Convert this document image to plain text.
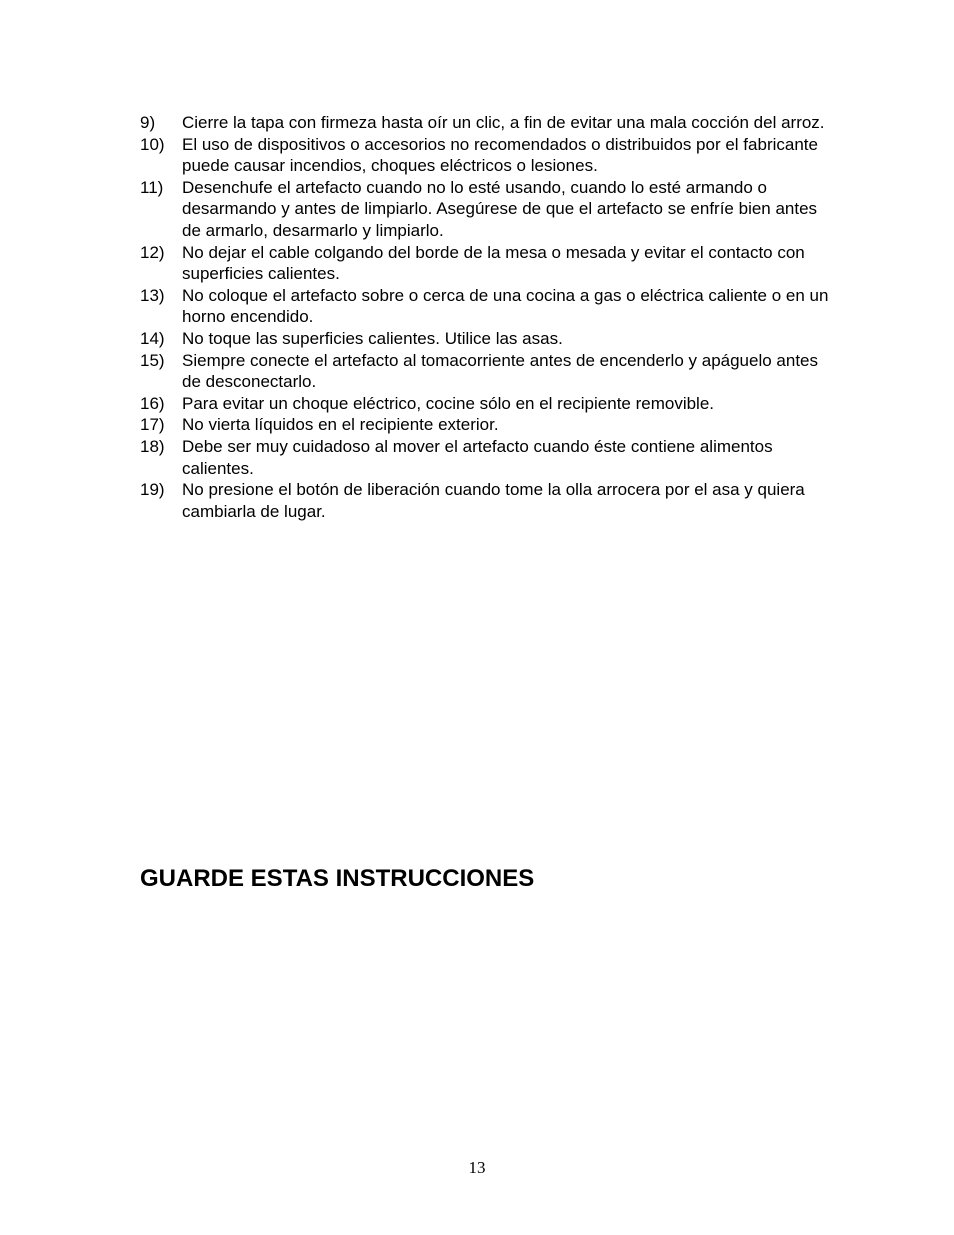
9)	Cierre la tapa con firmeza hasta oír un clic, a fin de evitar una mala cocción del arroz.
10)	El uso de dispositivos o accesorios no recomendados o distribuidos por el fabricante puede causar incendios, choques eléctricos o lesiones.
11)	Desenchufe el artefacto cuando no lo esté usando, cuando lo esté armando o desarmando y antes de limpiarlo. Asegúrese de que el artefacto se enfríe bien antes de armarlo, desarmarlo y limpiarlo.
12)	No dejar el cable colgando del borde de la mesa o mesada y evitar el contacto con superficies calientes.
13)	No coloque el artefacto sobre o cerca de una cocina a gas o eléctrica caliente o en un horno encendido.
14)	No toque las superficies calientes. Utilice las asas.
15)	Siempre conecte el artefacto al tomacorriente antes de encenderlo y apáguelo antes de desconectarlo.
16)	Para evitar un choque eléctrico, cocine sólo en el recipiente removible.
17)	No vierta líquidos en el recipiente exterior.
18)	Debe ser muy cuidadoso al mover el artefacto cuando éste contiene alimentos calientes.
19)	No presione el botón de liberación cuando tome la olla arrocera por el asa y quiera cambiarla de lugar.
GUARDE ESTAS INSTRUCCIONES
13
